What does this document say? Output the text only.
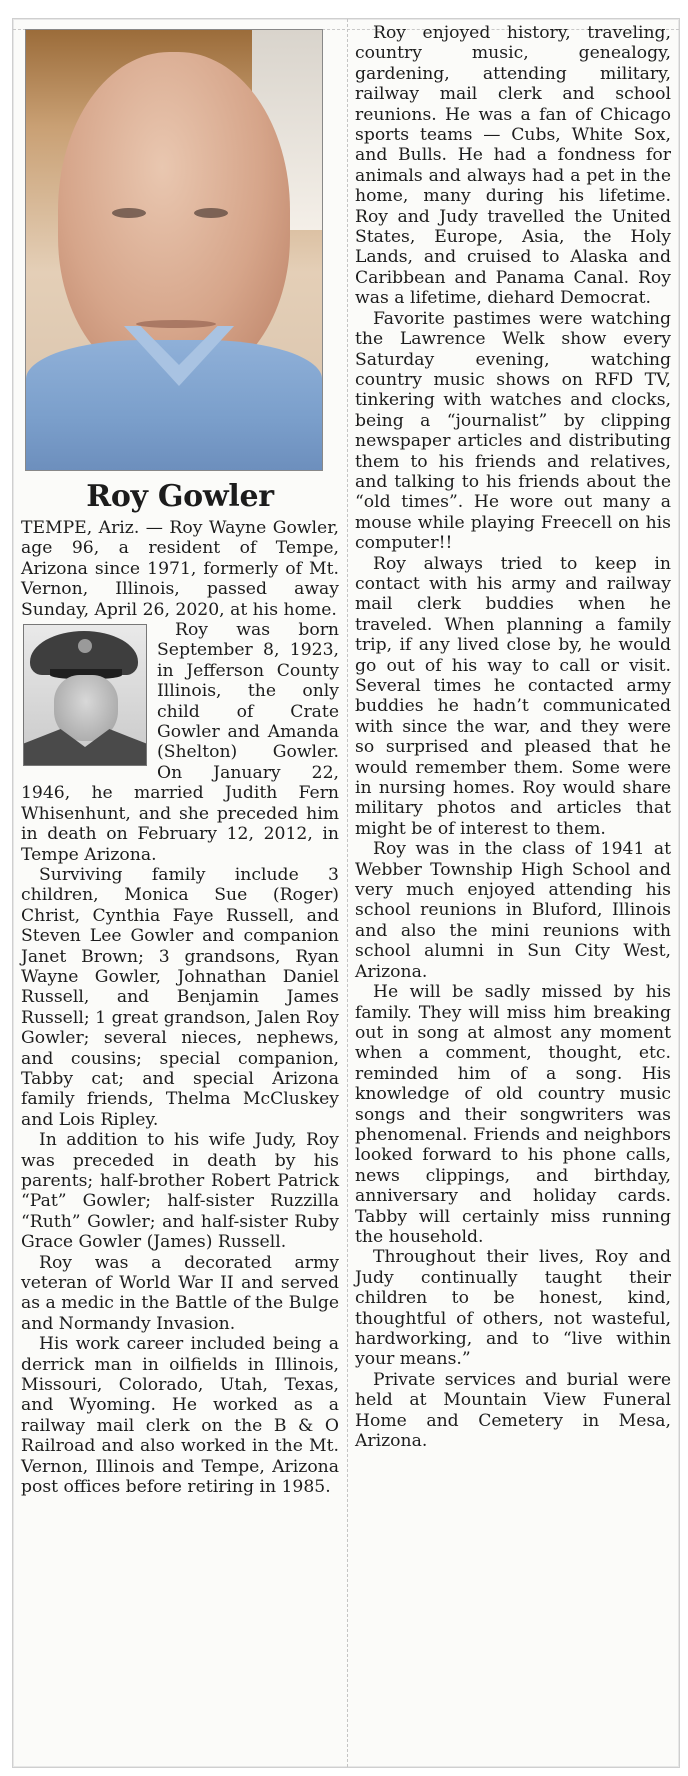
Roy Gowler

TEMPE, Ariz. — Roy Wayne Gowler, age 96, a resident of Tempe, Arizona since 1971, formerly of Mt. Vernon, Illinois, passed away Sunday, April 26, 2020, at his home.

Roy was born September 8, 1923, in Jefferson County Illinois, the only child of Crate Gowler and Amanda (Shelton) Gowler. On January 22, 1946, he married Judith Fern Whisenhunt, and she preceded him in death on February 12, 2012, in Tempe Arizona.

Surviving family include 3 children, Monica Sue (Roger) Christ, Cynthia Faye Russell, and Steven Lee Gowler and companion Janet Brown; 3 grandsons, Ryan Wayne Gowler, Johnathan Daniel Russell, and Benjamin James Russell; 1 great grandson, Jalen Roy Gowler; several nieces, nephews, and cousins; special companion, Tabby cat; and special Arizona family friends, Thelma McCluskey and Lois Ripley.

In addition to his wife Judy, Roy was preceded in death by his parents; half-brother Robert Patrick “Pat” Gowler; half-sister Ruzzilla “Ruth” Gowler; and half-sister Ruby Grace Gowler (James) Russell.

Roy was a decorated army veteran of World War II and served as a medic in the Battle of the Bulge and Normandy Invasion.

His work career included being a derrick man in oilfields in Illinois, Missouri, Colorado, Utah, Texas, and Wyoming. He worked as a railway mail clerk on the B & O Railroad and also worked in the Mt. Vernon, Illinois and Tempe, Arizona post offices before retiring in 1985.

Roy enjoyed history, traveling, country music, genealogy, gardening, attending military, railway mail clerk and school reunions. He was a fan of Chicago sports teams — Cubs, White Sox, and Bulls. He had a fondness for animals and always had a pet in the home, many during his lifetime. Roy and Judy travelled the United States, Europe, Asia, the Holy Lands, and cruised to Alaska and Caribbean and Panama Canal. Roy was a lifetime, diehard Democrat.

Favorite pastimes were watching the Lawrence Welk show every Saturday evening, watching country music shows on RFD TV, tinkering with watches and clocks, being a “journalist” by clipping newspaper articles and distributing them to his friends and relatives, and talking to his friends about the “old times”. He wore out many a mouse while playing Freecell on his computer!!

Roy always tried to keep in contact with his army and railway mail clerk buddies when he traveled. When planning a family trip, if any lived close by, he would go out of his way to call or visit. Several times he contacted army buddies he hadn’t communicated with since the war, and they were so surprised and pleased that he would remember them. Some were in nursing homes. Roy would share military photos and articles that might be of interest to them.

Roy was in the class of 1941 at Webber Township High School and very much enjoyed attending his school reunions in Bluford, Illinois and also the mini reunions with school alumni in Sun City West, Arizona.

He will be sadly missed by his family. They will miss him breaking out in song at almost any moment when a comment, thought, etc. reminded him of a song. His knowledge of old country music songs and their songwriters was phenomenal. Friends and neighbors looked forward to his phone calls, news clippings, and birthday, anniversary and holiday cards. Tabby will certainly miss running the household.

Throughout their lives, Roy and Judy continually taught their children to be honest, kind, thoughtful of others, not wasteful, hardworking, and to “live within your means.”

Private services and burial were held at Mountain View Funeral Home and Cemetery in Mesa, Arizona.
